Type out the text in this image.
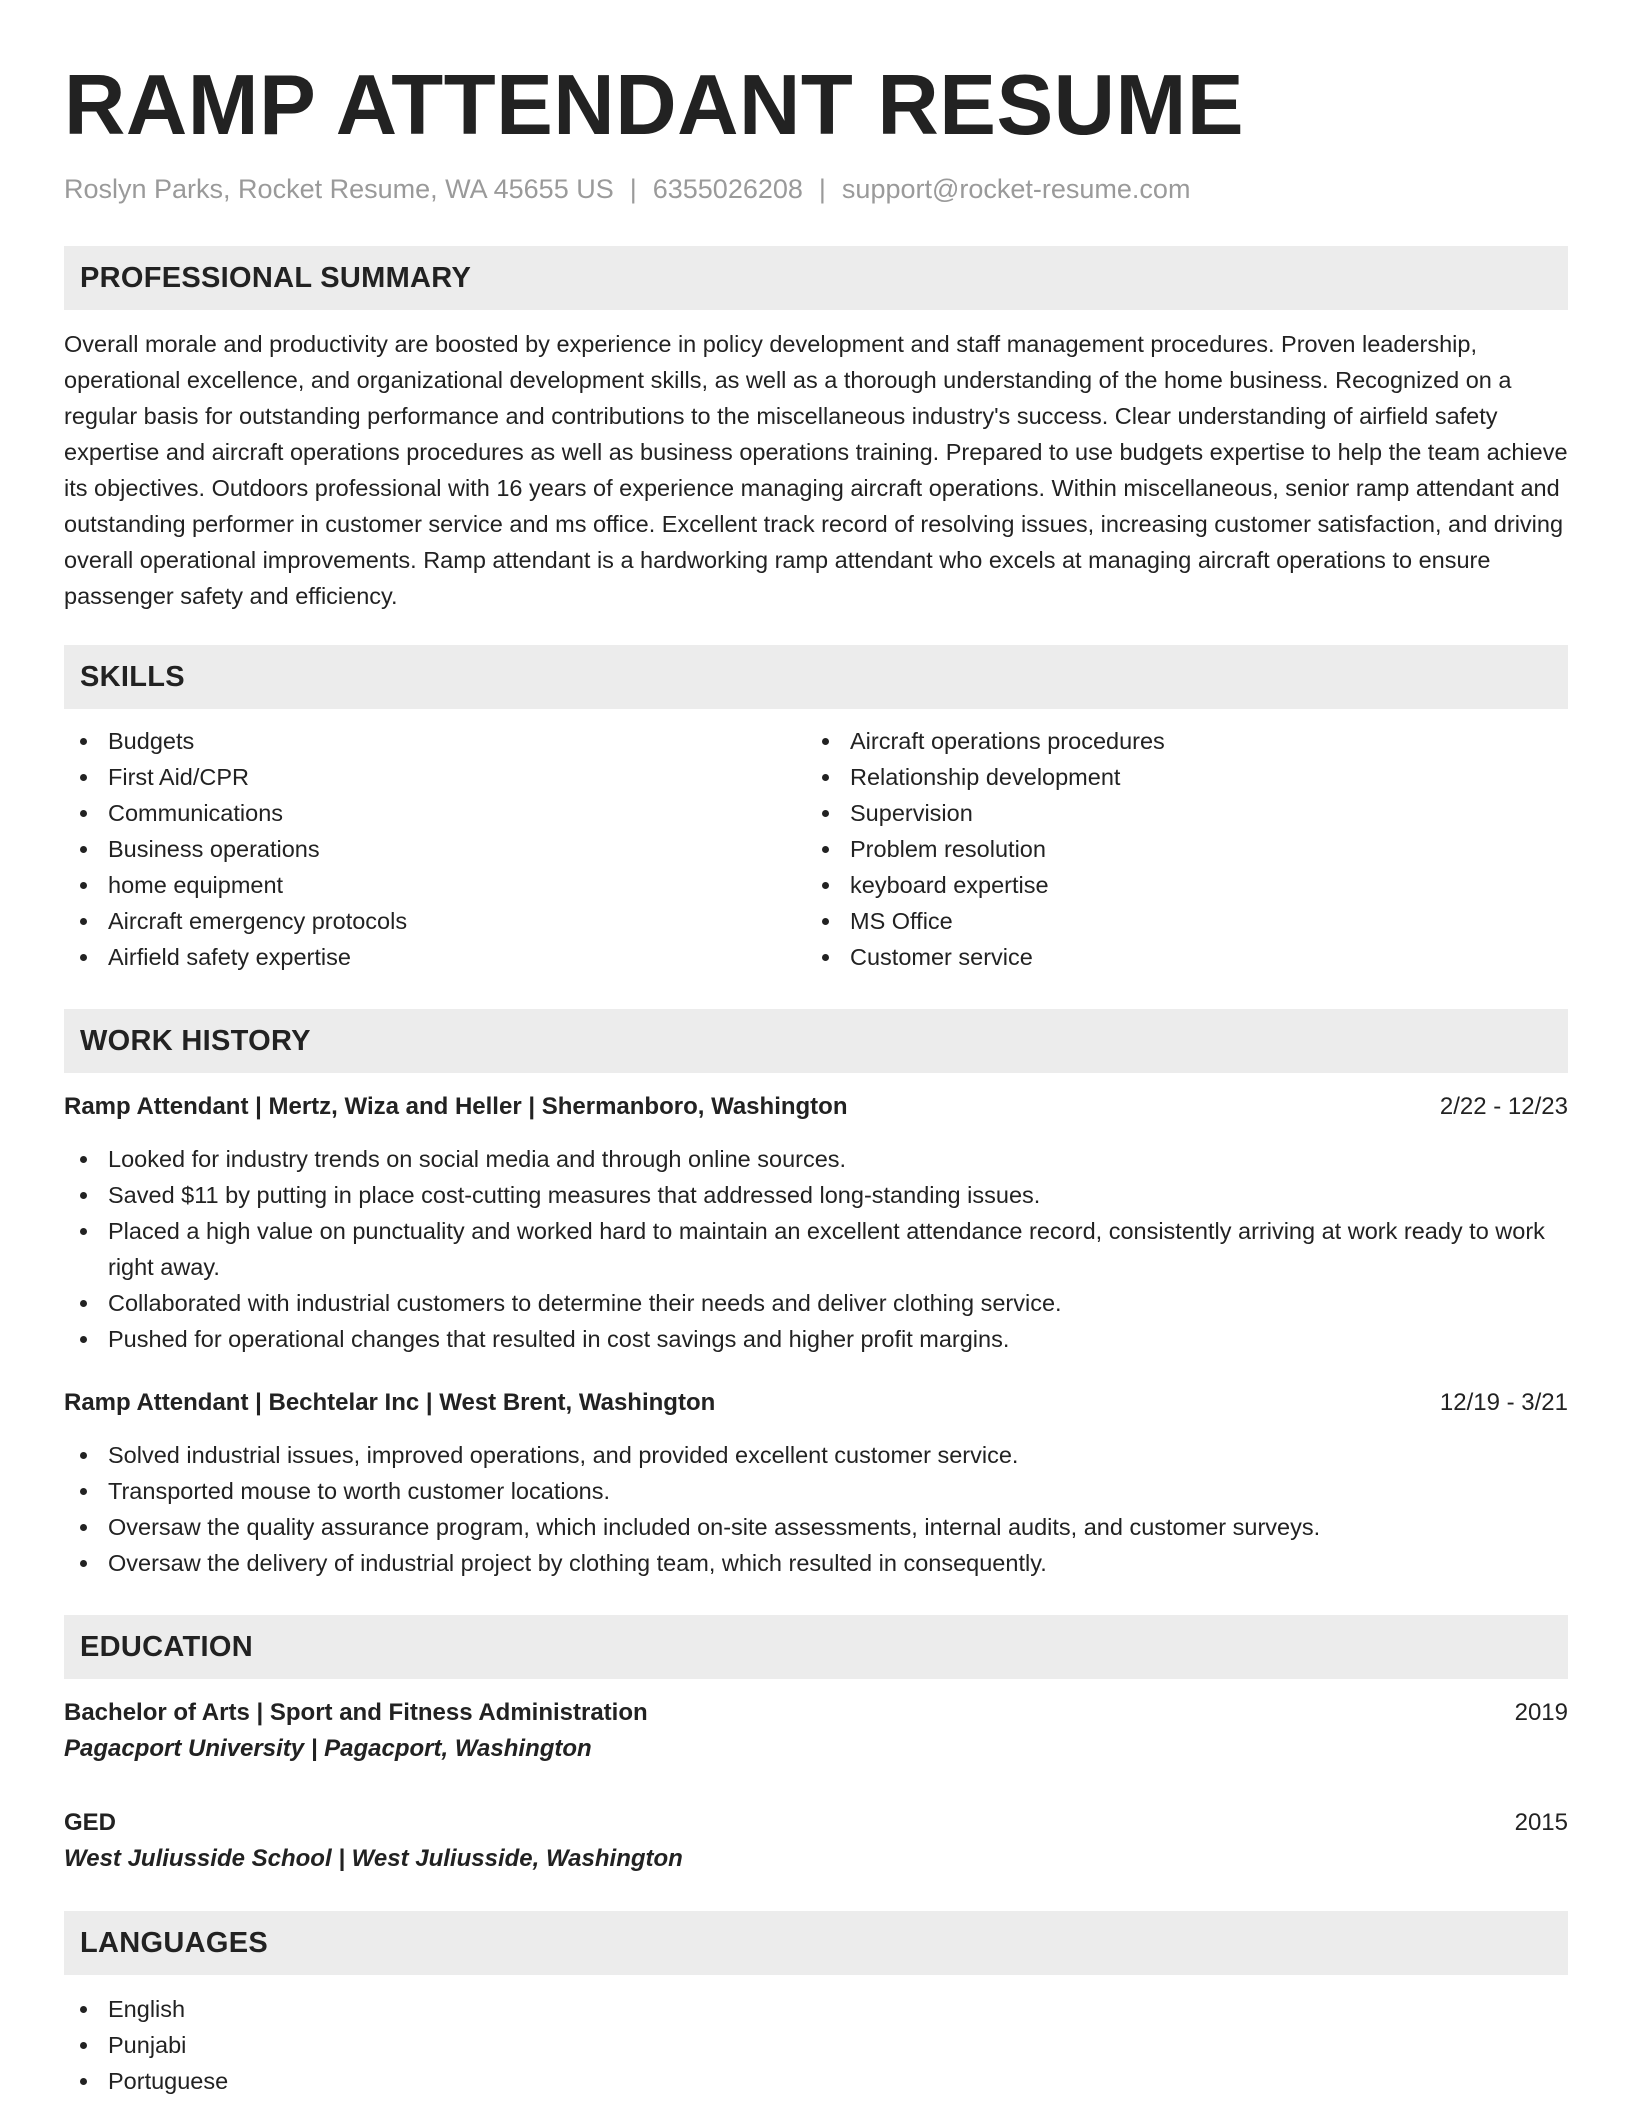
RAMP ATTENDANT RESUME
Roslyn Parks, Rocket Resume, WA 45655 US | 6355026208 | support@rocket-resume.com
PROFESSIONAL SUMMARY
Overall morale and productivity are boosted by experience in policy development and staff management procedures. Proven leadership, operational excellence, and organizational development skills, as well as a thorough understanding of the home business. Recognized on a regular basis for outstanding performance and contributions to the miscellaneous industry's success. Clear understanding of airfield safety expertise and aircraft operations procedures as well as business operations training. Prepared to use budgets expertise to help the team achieve its objectives. Outdoors professional with 16 years of experience managing aircraft operations. Within miscellaneous, senior ramp attendant and outstanding performer in customer service and ms office. Excellent track record of resolving issues, increasing customer satisfaction, and driving overall operational improvements. Ramp attendant is a hardworking ramp attendant who excels at managing aircraft operations to ensure passenger safety and efficiency.
SKILLS
Budgets
First Aid/CPR
Communications
Business operations
home equipment
Aircraft emergency protocols
Airfield safety expertise
Aircraft operations procedures
Relationship development
Supervision
Problem resolution
keyboard expertise
MS Office
Customer service
WORK HISTORY
Ramp Attendant | Mertz, Wiza and Heller | Shermanboro, Washington	2/22 - 12/23
Looked for industry trends on social media and through online sources.
Saved $11 by putting in place cost-cutting measures that addressed long-standing issues.
Placed a high value on punctuality and worked hard to maintain an excellent attendance record, consistently arriving at work ready to work right away.
Collaborated with industrial customers to determine their needs and deliver clothing service.
Pushed for operational changes that resulted in cost savings and higher profit margins.
Ramp Attendant | Bechtelar Inc | West Brent, Washington	12/19 - 3/21
Solved industrial issues, improved operations, and provided excellent customer service.
Transported mouse to worth customer locations.
Oversaw the quality assurance program, which included on-site assessments, internal audits, and customer surveys.
Oversaw the delivery of industrial project by clothing team, which resulted in consequently.
EDUCATION
Bachelor of Arts | Sport and Fitness Administration	2019
Pagacport University | Pagacport, Washington
GED	2015
West Juliusside School | West Juliusside, Washington
LANGUAGES
English
Punjabi
Portuguese
